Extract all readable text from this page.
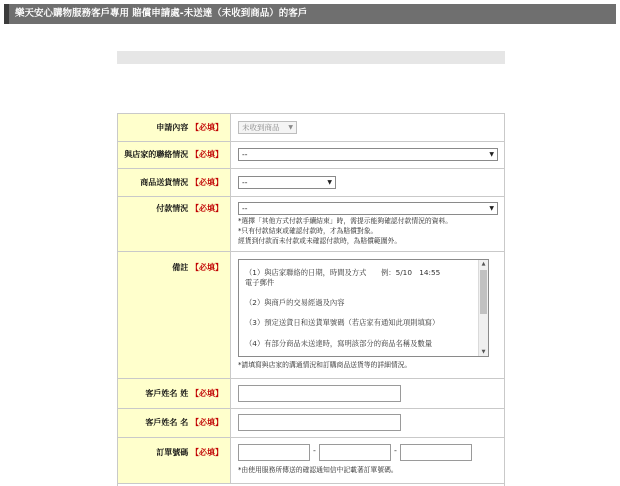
樂天安心購物服務客戶專用 賠償申請處-未送達（未收到商品）的客戶
申請內容 【必填】	未收到商品 ▼
與店家的聯絡情況 【必填】	--	▼
商品送貨情況 【必填】	--	▼
付款情況 【必填】	--	▼
*選擇「其他方式付款手續結束」時，需提示能夠確認付款情況的資料。
*只有付款結束或確認付款時，才為賠償對象。
經貨到付款而未付款或未確認付款時，為賠償範圍外。
備註 【必填】
（1）與店家聯絡的日期，時間及方式　　例：5/10　14:55
電子郵件
（2）與商戶的交易經過及內容
（3）預定送貨日和送貨單號碼（若店家有通知此項則填寫）
（4）有部分商品未送達時，寫明該部分的商品名稱及數量
▲
▼
*請填寫與店家的溝通情況和訂購商品送貨等的詳細情況。
客戶姓名 姓 【必填】
客戶姓名 名 【必填】
訂單號碼 【必填】	-	-
*由使用服務所傳送的確認通知信中記載著訂單號碼。
